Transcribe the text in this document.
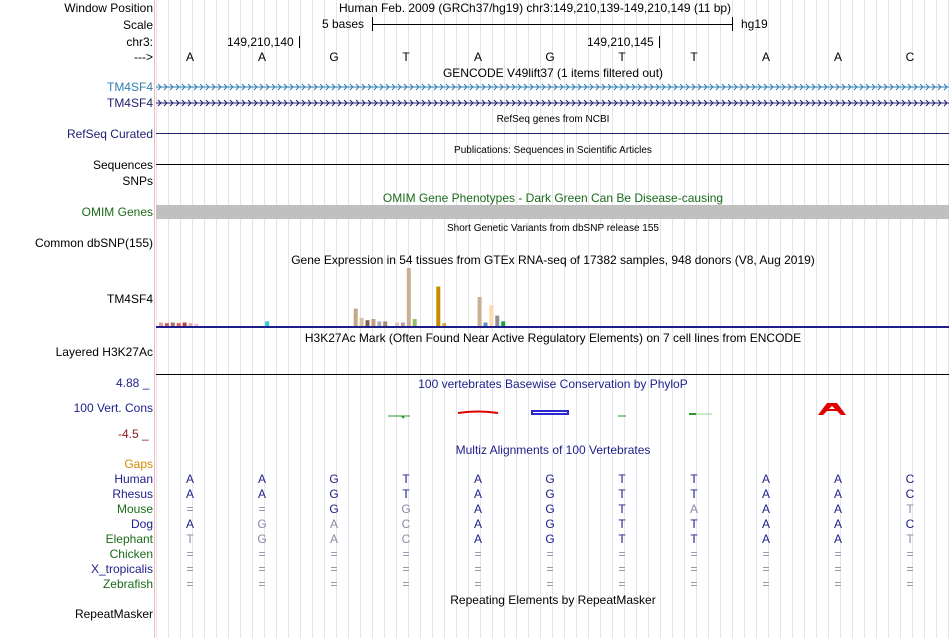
Window Position	Human Feb. 2009 (GRCh37/hg19) chr3:149,210,139-149,210,149 (11 bp)
Scale	5 bases	hg19
chr3:	149,210,140	149,210,145
--->	A	A	G	T	A	G	T	T	A	A	C
GENCODE V49lift37 (1 items filtered out)
TM4SF4
TM4SF4
RefSeq genes from NCBI
RefSeq Curated
Publications: Sequences in Scientific Articles
Sequences
SNPs
OMIM Gene Phenotypes - Dark Green Can Be Disease-causing
OMIM Genes
Short Genetic Variants from dbSNP release 155
Common dbSNP(155)
Gene Expression in 54 tissues from GTEx RNA-seq of 17382 samples, 948 donors (V8, Aug 2019)
TM4SF4
H3K27Ac Mark (Often Found Near Active Regulatory Elements) on 7 cell lines from ENCODE
Layered H3K27Ac
100 vertebrates Basewise Conservation by PhyloP
4.88 _
100 Vert. Cons
-4.5 _
Multiz Alignments of 100 Vertebrates
Gaps
Human	A	A	G	T	A	G	T	T	A	A	C
Rhesus	A	A	G	T	A	G	T	T	A	A	C
Mouse	=	=	G	G	A	G	T	A	A	A	T
Dog	A	G	A	C	A	G	T	T	A	A	C
Elephant	T	G	A	C	A	G	T	T	A	A	T
Chicken	=	=	=	=	=	=	=	=	=	=	=
X_tropicalis	=	=	=	=	=	=	=	=	=	=	=
Zebrafish	=	=	=	=	=	=	=	=	=	=	=
Repeating Elements by RepeatMasker
RepeatMasker
